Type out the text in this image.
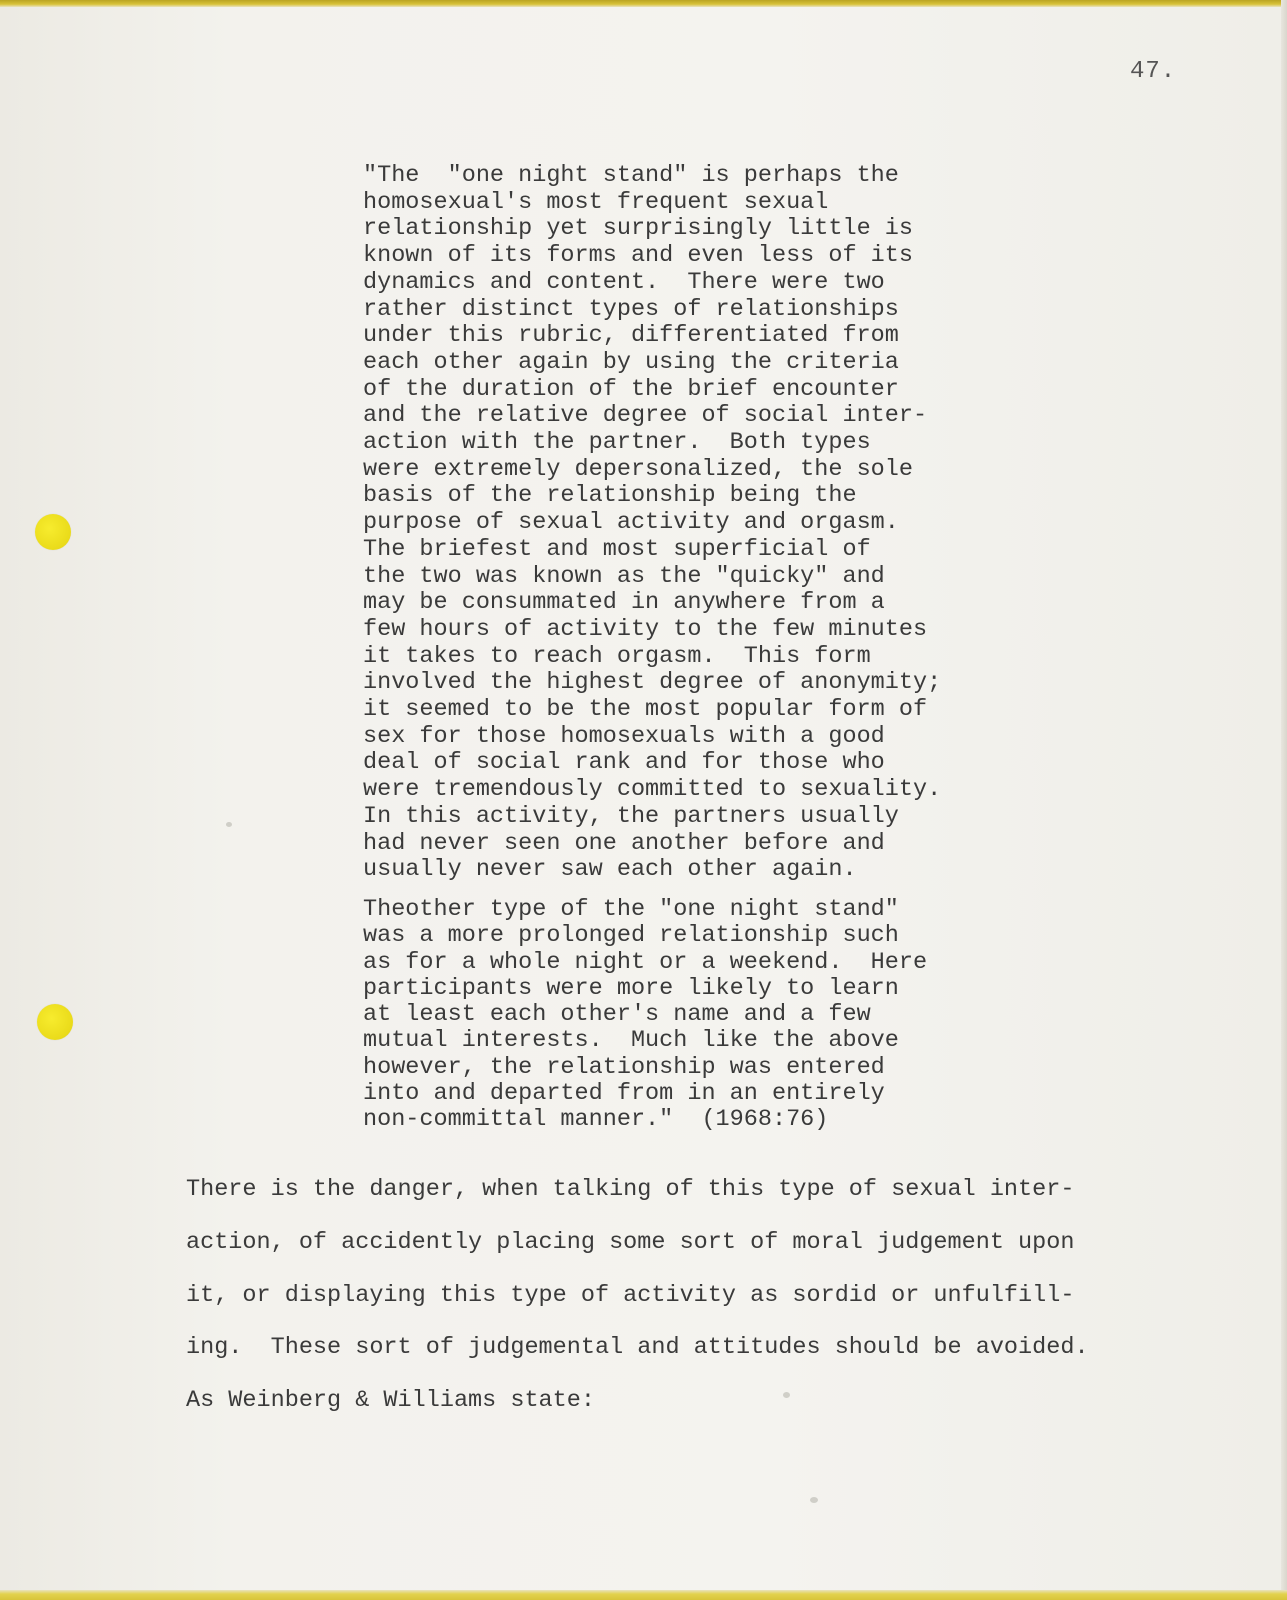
47.
"The  "one night stand" is perhaps the
homosexual's most frequent sexual
relationship yet surprisingly little is
known of its forms and even less of its
dynamics and content.  There were two
rather distinct types of relationships
under this rubric, differentiated from
each other again by using the criteria
of the duration of the brief encounter
and the relative degree of social inter-
action with the partner.  Both types
were extremely depersonalized, the sole
basis of the relationship being the
purpose of sexual activity and orgasm.
The briefest and most superficial of
the two was known as the "quicky" and
may be consummated in anywhere from a
few hours of activity to the few minutes
it takes to reach orgasm.  This form
involved the highest degree of anonymity;
it seemed to be the most popular form of
sex for those homosexuals with a good
deal of social rank and for those who
were tremendously committed to sexuality.
In this activity, the partners usually
had never seen one another before and
usually never saw each other again.
Theother type of the "one night stand"
was a more prolonged relationship such
as for a whole night or a weekend.  Here
participants were more likely to learn
at least each other's name and a few
mutual interests.  Much like the above
however, the relationship was entered
into and departed from in an entirely
non-committal manner."  (1968:76)
There is the danger, when talking of this type of sexual inter-
action, of accidently placing some sort of moral judgement upon
it, or displaying this type of activity as sordid or unfulfill-
ing.  These sort of judgemental and attitudes should be avoided.
As Weinberg & Williams state:
